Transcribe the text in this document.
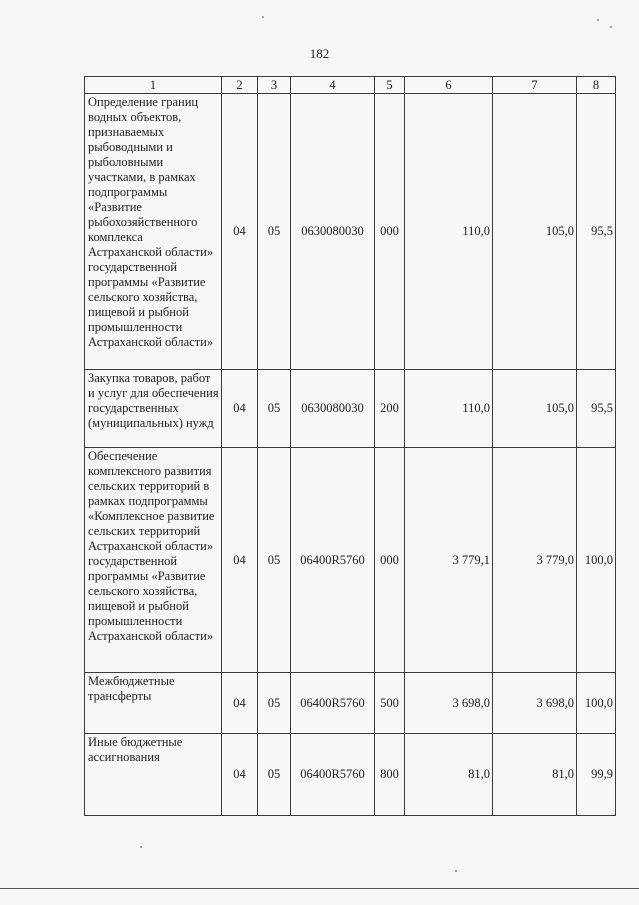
182
1	2	3	4	5	6	7	8
Определение границ водных объектов, признаваемых рыбоводными и рыболовными участками, в рамках подпрограммы «Развитие рыбохозяйственного комплекса Астраханской области» государственной программы «Развитие сельского хозяйства, пищевой и рыбной промышленности Астраханской области»	04	05	0630080030	000	110,0	105,0	95,5
Закупка товаров, работ и услуг для обеспечения государственных (муниципальных) нужд	04	05	0630080030	200	110,0	105,0	95,5
Обеспечение комплексного развития сельских территорий в рамках подпрограммы «Комплексное развитие сельских территорий Астраханской области» государственной программы «Развитие сельского хозяйства, пищевой и рыбной промышленности Астраханской области»	04	05	06400R5760	000	3 779,1	3 779,0	100,0
Межбюджетные трансферты	04	05	06400R5760	500	3 698,0	3 698,0	100,0
Иные бюджетные ассигнования	04	05	06400R5760	800	81,0	81,0	99,9
